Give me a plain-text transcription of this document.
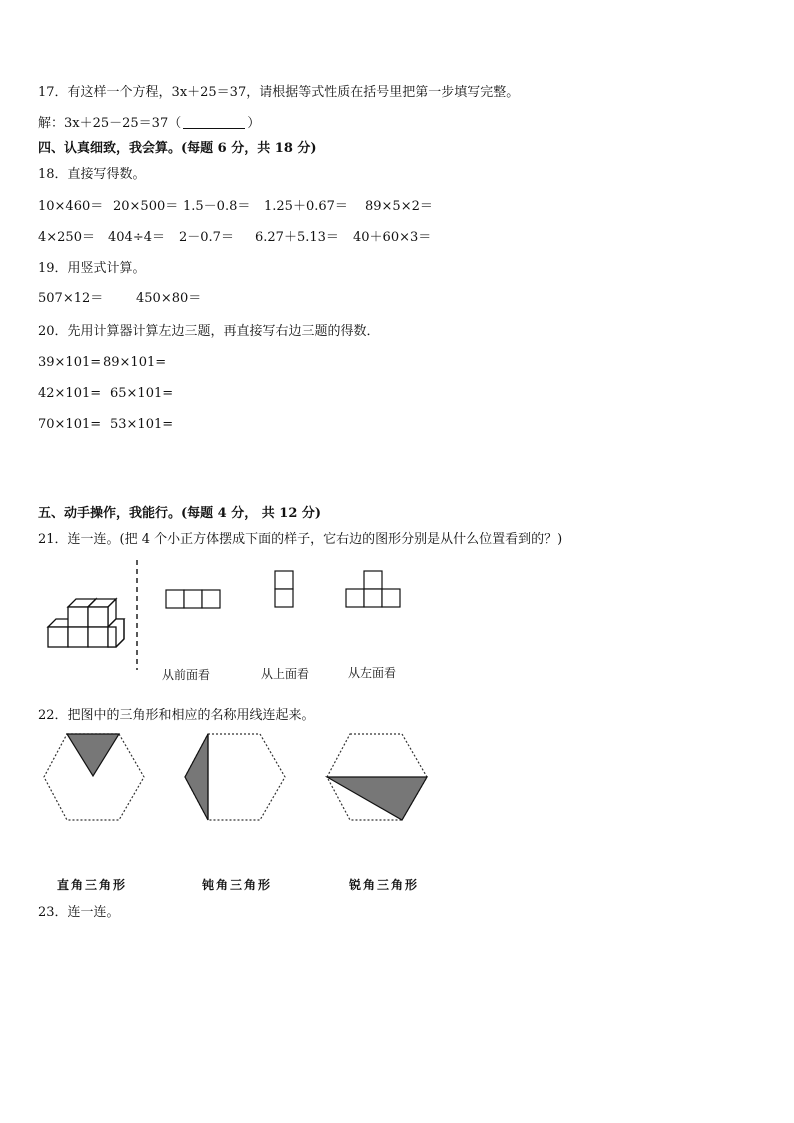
17．有这样一个方程，3x＋25＝37，请根据等式性质在括号里把第一步填写完整。
解：3x＋25－25＝37（	）
四、认真细致，我会算。(每题 6 分，共 18 分)
18．直接写得数。
10×460＝ 20×500＝ 1.5－0.8＝ 1.25＋0.67＝ 89×5×2＝
4×250＝ 404÷4＝ 2－0.7＝ 6.27＋5.13＝ 40＋60×3＝
19．用竖式计算。
507×12＝	450×80＝
20．先用计算器计算左边三题，再直接写右边三题的得数．
39×101= 89×101=
42×101= 65×101=
70×101= 53×101=
五、动手操作，我能行。(每题 4 分， 共 12 分)
21．连一连。(把 4 个小正方体摆成下面的样子，它右边的图形分别是从什么位置看到的？)
从前面看	从上面看	从左面看
22．把图中的三角形和相应的名称用线连起来。
直角三角形	钝角三角形	锐角三角形
23．连一连。
